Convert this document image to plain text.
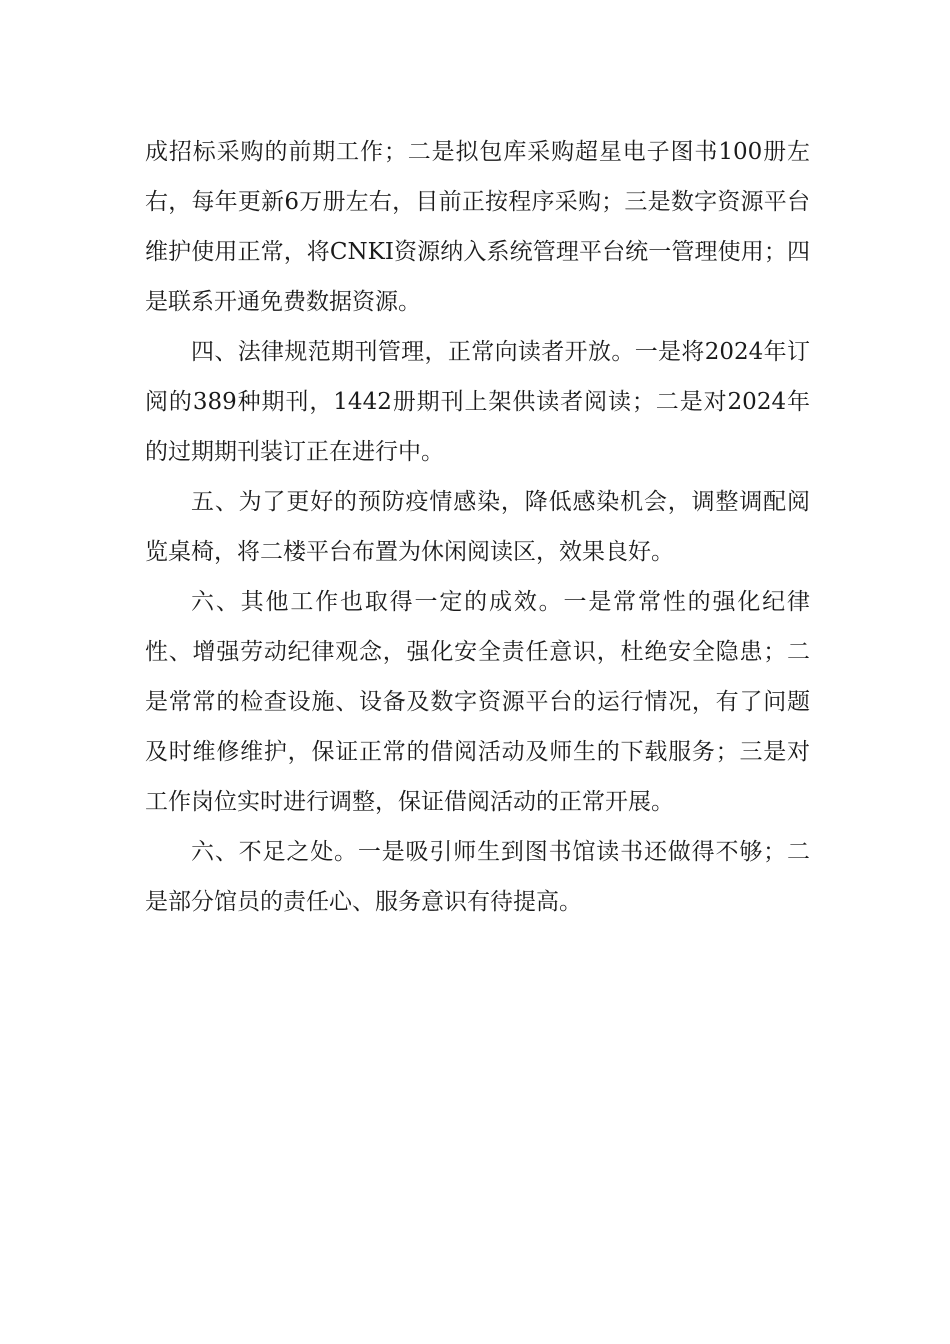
成招标采购的前期工作；二是拟包库采购超星电子图书100册左右，每年更新6万册左右，目前正按程序采购；三是数字资源平台维护使用正常，将CNKI资源纳入系统管理平台统一管理使用；四是联系开通免费数据资源。

四、法律规范期刊管理，正常向读者开放。一是将2024年订阅的389种期刊，1442册期刊上架供读者阅读；二是对2024年的过期期刊装订正在进行中。

五、为了更好的预防疫情感染，降低感染机会，调整调配阅览桌椅，将二楼平台布置为休闲阅读区，效果良好。

六、其他工作也取得一定的成效。一是常常性的强化纪律性、增强劳动纪律观念，强化安全责任意识，杜绝安全隐患；二是常常的检查设施、设备及数字资源平台的运行情况，有了问题及时维修维护，保证正常的借阅活动及师生的下载服务；三是对工作岗位实时进行调整，保证借阅活动的正常开展。

六、不足之处。一是吸引师生到图书馆读书还做得不够；二是部分馆员的责任心、服务意识有待提高。
